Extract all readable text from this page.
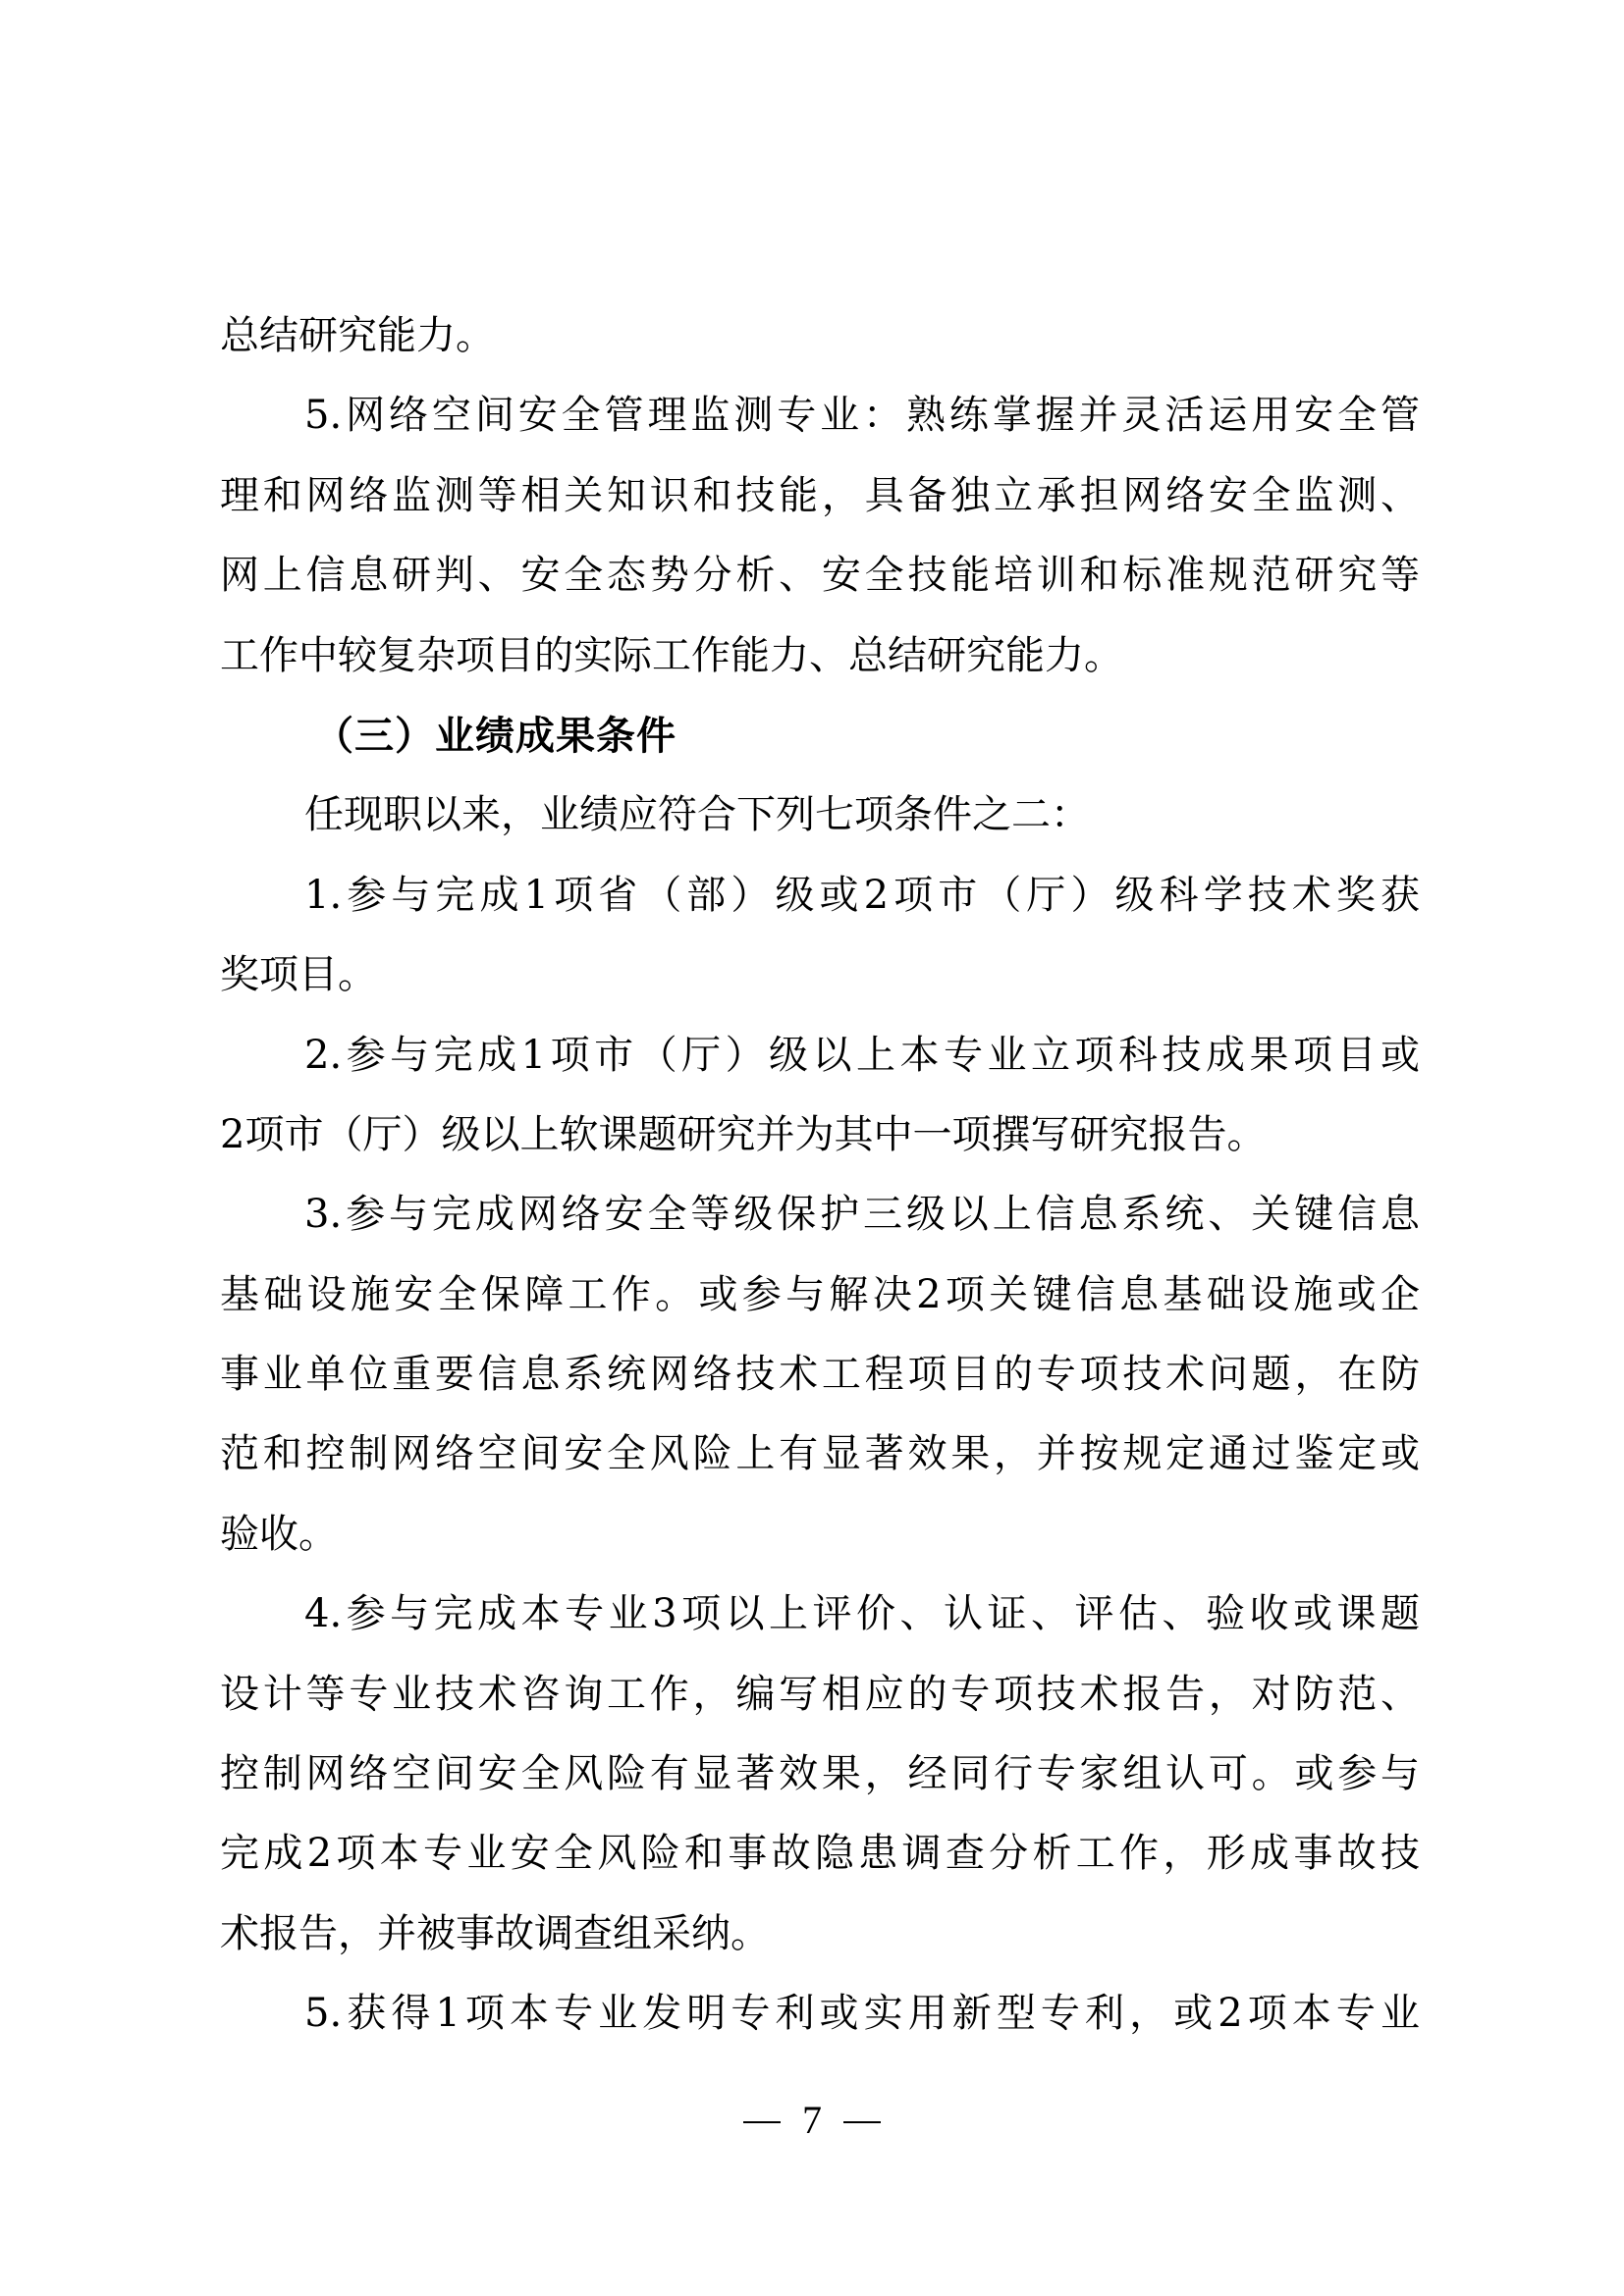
总结研究能力。
5.网络空间安全管理监测专业：熟练掌握并灵活运用安全管
理和网络监测等相关知识和技能，具备独立承担网络安全监测、
网上信息研判、安全态势分析、安全技能培训和标准规范研究等
工作中较复杂项目的实际工作能力、总结研究能力。
（三）业绩成果条件
任现职以来，业绩应符合下列七项条件之二：
1.参与完成1项省（部）级或2项市（厅）级科学技术奖获
奖项目。
2.参与完成1项市（厅）级以上本专业立项科技成果项目或
2项市（厅）级以上软课题研究并为其中一项撰写研究报告。
3.参与完成网络安全等级保护三级以上信息系统、关键信息
基础设施安全保障工作。或参与解决2项关键信息基础设施或企
事业单位重要信息系统网络技术工程项目的专项技术问题，在防
范和控制网络空间安全风险上有显著效果，并按规定通过鉴定或
验收。
4.参与完成本专业3项以上评价、认证、评估、验收或课题
设计等专业技术咨询工作，编写相应的专项技术报告，对防范、
控制网络空间安全风险有显著效果，经同行专家组认可。或参与
完成2项本专业安全风险和事故隐患调查分析工作，形成事故技
术报告，并被事故调查组采纳。
5.获得1项本专业发明专利或实用新型专利，或2项本专业
7
